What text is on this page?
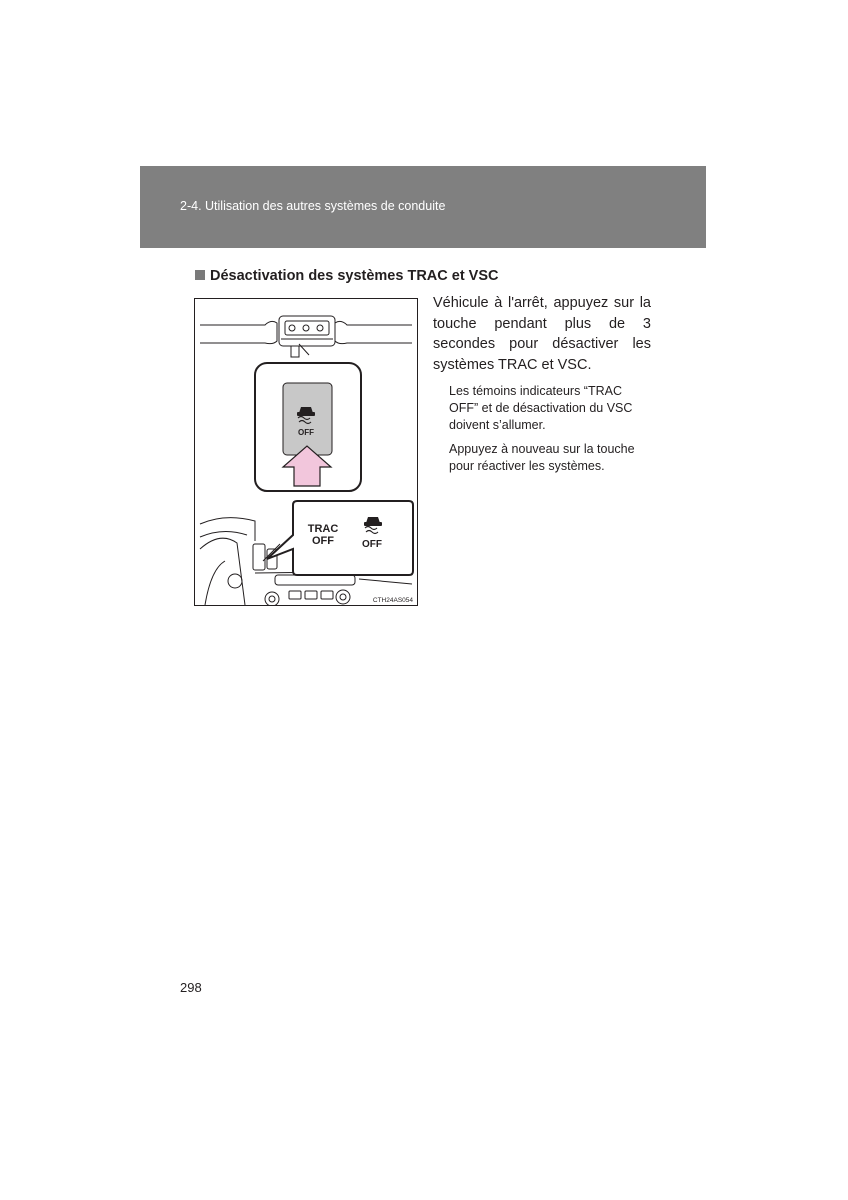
2-4. Utilisation des autres systèmes de conduite
Désactivation des systèmes TRAC et VSC
OFF
TRAC
OFF	OFF
CTH24AS054
Véhicule à l'arrêt, appuyez sur la touche pendant plus de 3 secondes pour désactiver les systèmes TRAC et VSC.
Les témoins indicateurs “TRAC OFF” et de désactivation du VSC doivent s’allumer.
Appuyez à nouveau sur la touche pour réactiver les systèmes.
298
